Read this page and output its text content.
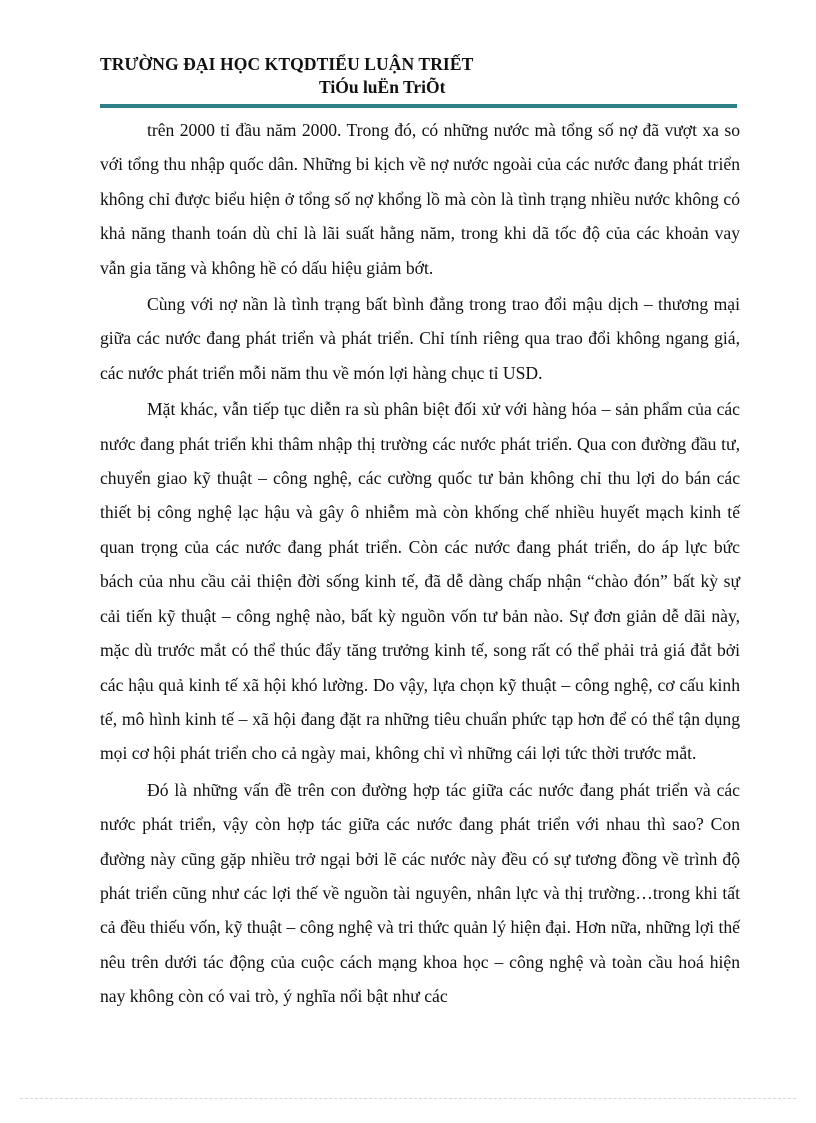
TRƯỜNG ĐẠI HỌC KTQDTIỂU LUẬN TRIẾT
TiÓu luËn TriÕt

trên 2000 tỉ đầu năm 2000. Trong đó, có những nước mà tổng số nợ đã vượt xa so với tổng thu nhập quốc dân. Những bi kịch về nợ nước ngoài của các nước đang phát triển không chỉ được biểu hiện ở tổng số nợ khổng lồ mà còn là tình trạng nhiều nước không có khả năng thanh toán dù chỉ là lãi suất hằng năm, trong khi dã tốc độ của các khoản vay vẫn gia tăng và không hề có dấu hiệu giảm bớt.

Cùng với nợ nần là tình trạng bất bình đẳng trong trao đổi mậu dịch – thương mại giữa các nước đang phát triển và phát triển. Chỉ tính riêng qua trao đổi không ngang giá, các nước phát triển mỗi năm thu về món lợi hàng chục tỉ USD.

Mặt khác, vẫn tiếp tục diễn ra sù phân biệt đối xử với hàng hóa – sản phẩm của các nước đang phát triển khi thâm nhập thị trường các nước phát triển. Qua con đường đầu tư, chuyển giao kỹ thuật – công nghệ, các cường quốc tư bản không chỉ thu lợi do bán các thiết bị công nghệ lạc hậu và gây ô nhiễm mà còn khống chế nhiều huyết mạch kinh tế quan trọng của các nước đang phát triển. Còn các nước đang phát triển, do áp lực bức bách của nhu cầu cải thiện đời sống kinh tế, đã dễ dàng chấp nhận “chào đón” bất kỳ sự cải tiến kỹ thuật – công nghệ nào, bất kỳ nguồn vốn tư bản nào. Sự đơn giản dễ dãi này, mặc dù trước mắt có thể thúc đẩy tăng trưởng kinh tế, song rất có thể phải trả giá đắt bởi các hậu quả kinh tế xã hội khó lường. Do vậy, lựa chọn kỹ thuật – công nghệ, cơ cấu kinh tế, mô hình kinh tế – xã hội đang đặt ra những tiêu chuẩn phức tạp hơn để có thể tận dụng mọi cơ hội phát triển cho cả ngày mai, không chỉ vì những cái lợi tức thời trước mắt.

Đó là những vấn đề trên con đường hợp tác giữa các nước đang phát triển và các nước phát triển, vậy còn hợp tác giữa các nước đang phát triển với nhau thì sao? Con đường này cũng gặp nhiều trở ngại bởi lẽ các nước này đều có sự tương đồng về trình độ phát triển cũng như các lợi thế về nguồn tài nguyên, nhân lực và thị trường…trong khi tất cả đều thiếu vốn, kỹ thuật – công nghệ và tri thức quản lý hiện đại. Hơn nữa, những lợi thế nêu trên dưới tác động của cuộc cách mạng khoa học – công nghệ và toàn cầu hoá hiện nay không còn có vai trò, ý nghĩa nổi bật như các
